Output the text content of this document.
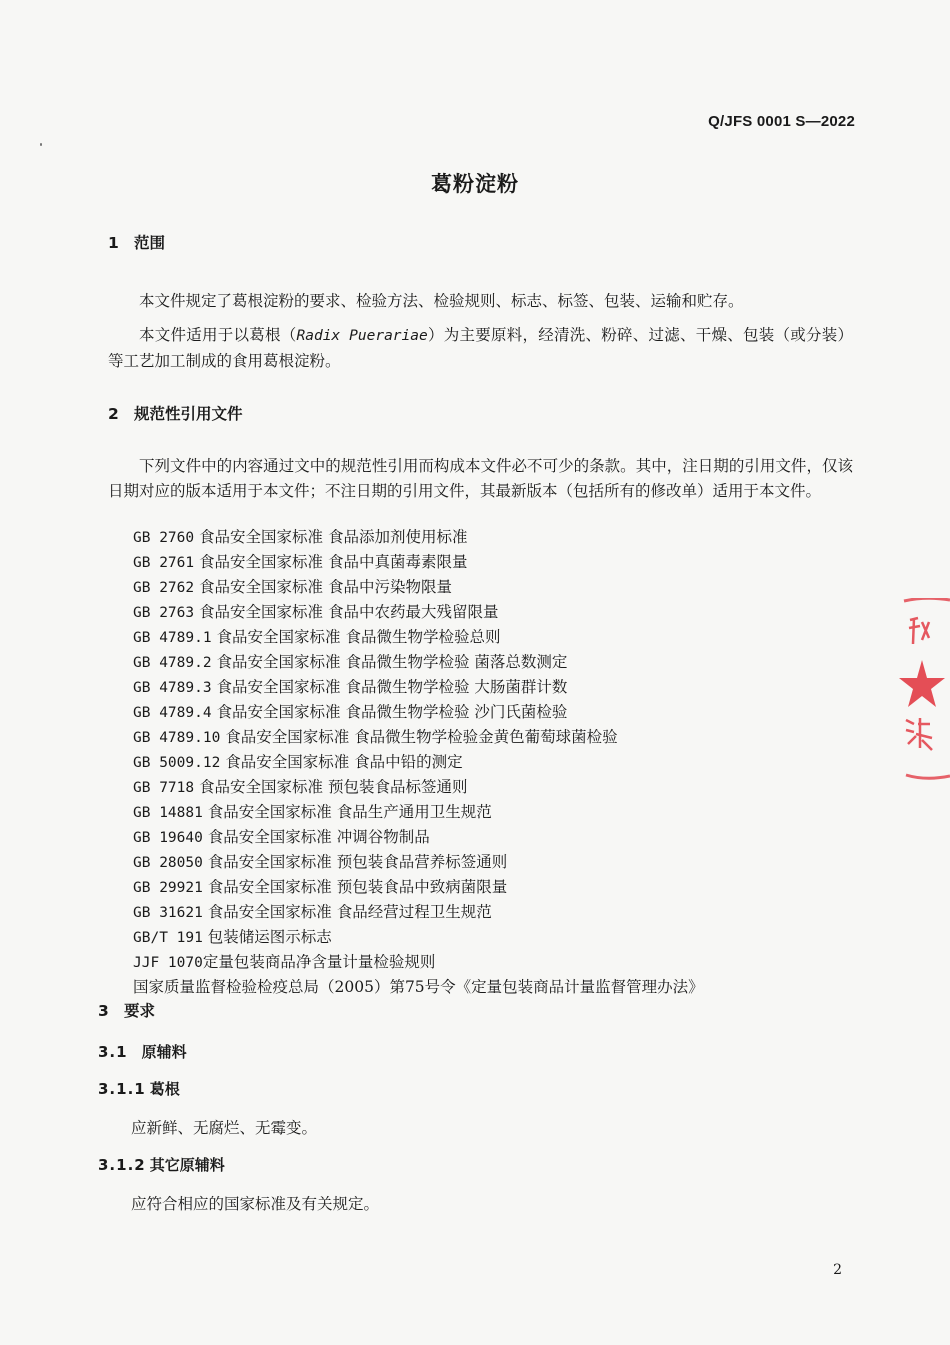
Q/JFS 0001 S—2022
葛粉淀粉
1 范围
本文件规定了葛根淀粉的要求、检验方法、检验规则、标志、标签、包装、运输和贮存。
本文件适用于以葛根（Radix Puerariae）为主要原料，经清洗、粉碎、过滤、干燥、包装（或分装）等工艺加工制成的食用葛根淀粉。
2 规范性引用文件
下列文件中的内容通过文中的规范性引用而构成本文件必不可少的条款。其中，注日期的引用文件，仅该日期对应的版本适用于本文件；不注日期的引用文件，其最新版本（包括所有的修改单）适用于本文件。
GB 2760 食品安全国家标准 食品添加剂使用标准
GB 2761 食品安全国家标准 食品中真菌毒素限量
GB 2762 食品安全国家标准 食品中污染物限量
GB 2763 食品安全国家标准 食品中农药最大残留限量
GB 4789.1 食品安全国家标准 食品微生物学检验总则
GB 4789.2 食品安全国家标准 食品微生物学检验 菌落总数测定
GB 4789.3 食品安全国家标准 食品微生物学检验 大肠菌群计数
GB 4789.4 食品安全国家标准 食品微生物学检验 沙门氏菌检验
GB 4789.10 食品安全国家标准 食品微生物学检验金黄色葡萄球菌检验
GB 5009.12 食品安全国家标准 食品中铅的测定
GB 7718 食品安全国家标准 预包装食品标签通则
GB 14881 食品安全国家标准 食品生产通用卫生规范
GB 19640 食品安全国家标准 冲调谷物制品
GB 28050 食品安全国家标准 预包装食品营养标签通则
GB 29921 食品安全国家标准 预包装食品中致病菌限量
GB 31621 食品安全国家标准 食品经营过程卫生规范
GB/T 191 包装储运图示标志
JJF 1070定量包装商品净含量计量检验规则
国家质量监督检验检疫总局（2005）第75号令《定量包装商品计量监督管理办法》
3 要求
3.1 原辅料
3.1.1 葛根
应新鲜、无腐烂、无霉变。
3.1.2 其它原辅料
应符合相应的国家标准及有关规定。
2
